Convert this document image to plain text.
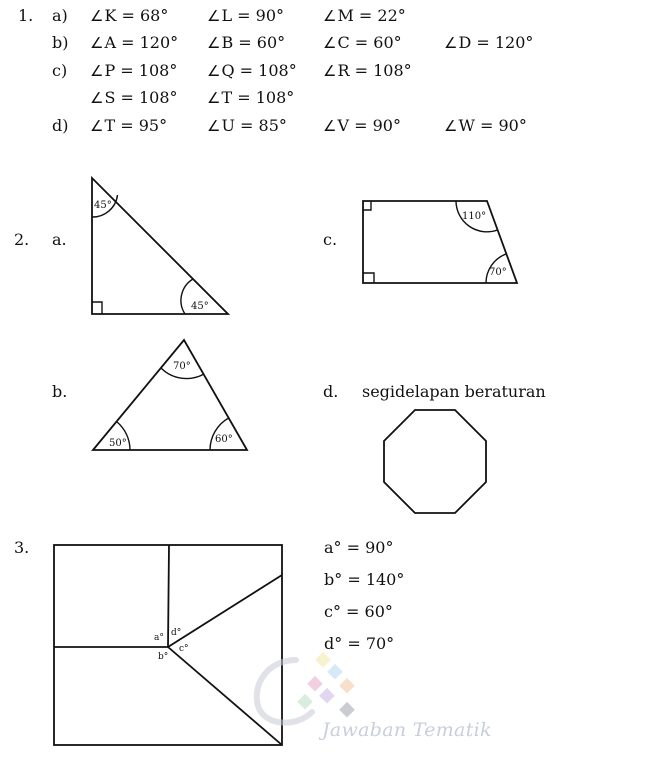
1. a)	∠ K = 68°	∠ L = 90°	∠ M = 22°
b)	∠ A = 120°	∠ B = 60°	∠ C = 60°	∠ D = 120°
c)	∠ P = 108°	∠ Q = 108°	∠ R = 108°
∠ S = 108°	∠ T = 108°
d)	∠ T = 95°	∠ U = 85°	∠ V = 90°	∠ W = 90°
2. a.	c.
b.	d. segidelapan beraturan
3.	a° = 90°
b° = 140°
c° = 60°
d° = 70°
45°
45°
70°
50°	60°
110°
70°
a° d°
b°
c°
Jawaban Tematik
